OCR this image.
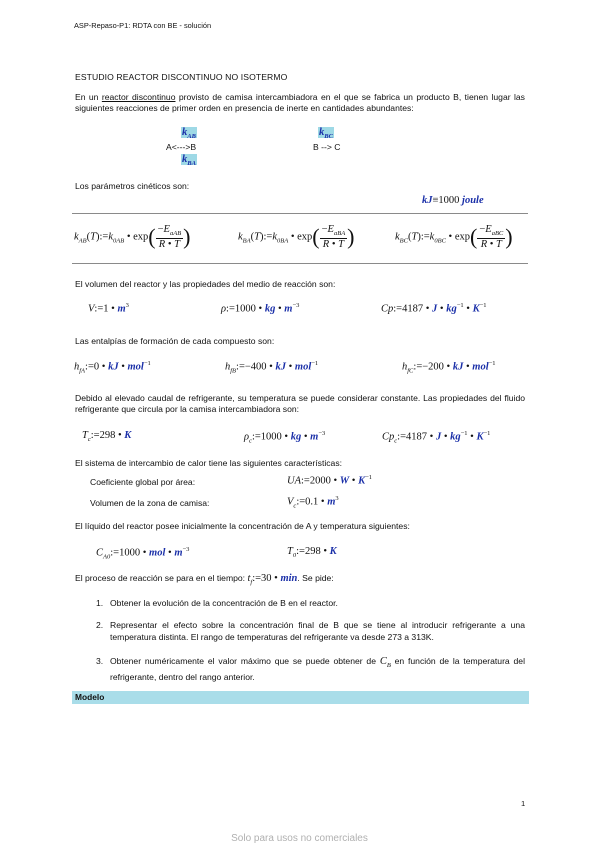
ASP-Repaso-P1: RDTA con BE - solución
ESTUDIO REACTOR DISCONTINUO NO ISOTERMO
En un reactor discontinuo provisto de camisa intercambiadora en el que se fabrica un producto B, tienen lugar las siguientes reacciones de primer orden en presencia de inerte en cantidades abundantes:
$k_{AB}$
A<--->B
$k_{BA}$
$k_{BC}$
B --> C
Los parámetros cinéticos son:
kJ≡1000 joule
$k_{AB}(T):=k_{0AB}$ • $\exp( \frac{-E_{aAB}}{R • T}$ )	$k_{BA}(T):=k_{0BA}$ • $\exp( \frac{-E_{aBA}}{R • T}$ )	$k_{BC}(T):=k_{0BC}$ • $\exp( \frac{-E_{aBC}}{R • T}$ )
El volumen del reactor y las propiedades del medio de reacción son:
V:=1 • $m^3$	ρ:=1000 • kg • $m^{-3}$	Cp:=4187 • J • $kg^{-1}$ • $K^{-1}$
Las entalpías de formación de cada compuesto son:
$h_{fA}:=0$ • kJ • mol$^{-1}$	$h_{fB}:=-400$ • kJ • mol$^{-1}$	$h_{fC}:=-200$ • kJ • mol$^{-1}$
Debido al elevado caudal de refrigerante, su temperatura se puede considerar constante. Las propiedades del fluido refrigerante que circula por la camisa intercambiadora son:
$T_c:=298$ • K	$\rho_c:=1000$ • kg • $m^{-3}$	$Cp_c:=4187$ • J • $kg^{-1}$ • $K^{-1}$
El sistema de intercambio de calor tiene las siguientes características:
Coeficiente global por área:	UA:=2000 • W • $K^{-1}$
Volumen de la zona de camisa:	$V_c:=0.1$ • $m^3$
El líquido del reactor posee inicialmente la concentración de A y temperatura siguientes:
$C_{A0}:=1000$ • mol • $m^{-3}$	$T_0:=298$ • K
El proceso de reacción se para en el tiempo: $t_f:=30$ • min. Se pide:
1. Obtener la evolución de la concentración de B en el reactor.
2. Representar el efecto sobre la concentración final de B que se tiene al introducir refrigerante a una temperatura distinta. El rango de temperaturas del refrigerante va desde 273 a 313K.
3. Obtener numéricamente el valor máximo que se puede obtener de $C_B$ en función de la temperatura del refrigerante, dentro del rango anterior.
Modelo
1
Solo para usos no comerciales
